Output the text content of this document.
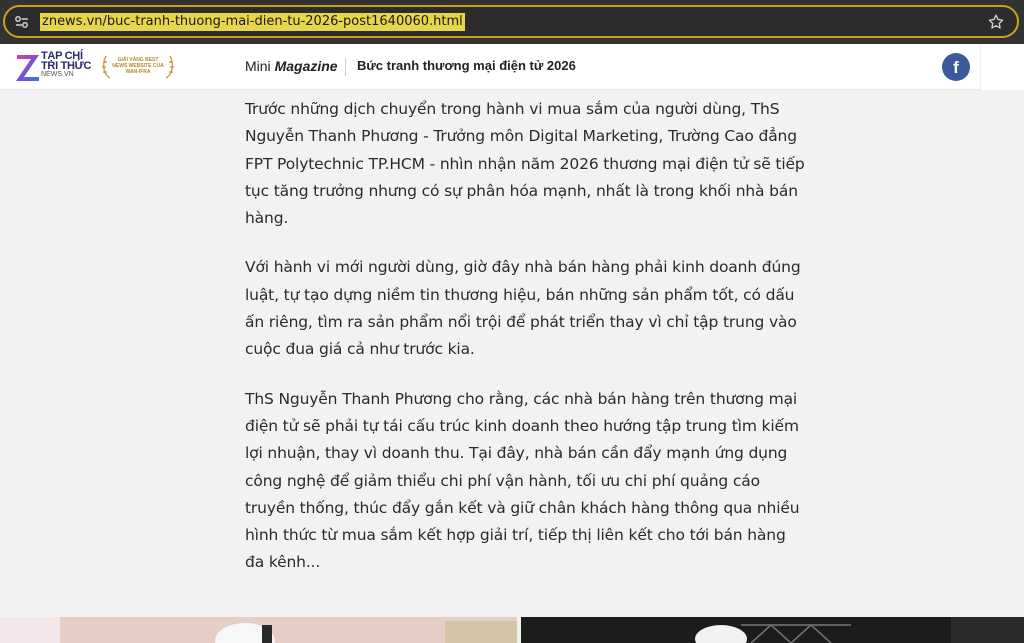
znews.vn/buc-tranh-thuong-mai-dien-tu-2026-post1640060.html
TẠP CHÍ
TRI THỨC
NEWS.VN
GIẢI VÀNG BEST NEWS WEBSITE CỦA WAN-IFRA	Mini Magazine Bức tranh thương mại điện tử 2026	f

Trước những dịch chuyển trong hành vi mua sắm của người dùng, ThS Nguyễn Thanh Phương - Trưởng môn Digital Marketing, Trường Cao đẳng FPT Polytechnic TP.HCM - nhìn nhận năm 2026 thương mại điện tử sẽ tiếp tục tăng trưởng nhưng có sự phân hóa mạnh, nhất là trong khối nhà bán hàng.

Với hành vi mới người dùng, giờ đây nhà bán hàng phải kinh doanh đúng luật, tự tạo dựng niềm tin thương hiệu, bán những sản phẩm tốt, có dấu ấn riêng, tìm ra sản phẩm nổi trội để phát triển thay vì chỉ tập trung vào cuộc đua giá cả như trước kia.

ThS Nguyễn Thanh Phương cho rằng, các nhà bán hàng trên thương mại điện tử sẽ phải tự tái cấu trúc kinh doanh theo hướng tập trung tìm kiếm lợi nhuận, thay vì doanh thu. Tại đây, nhà bán cần đẩy mạnh ứng dụng công nghệ để giảm thiểu chi phí vận hành, tối ưu chi phí quảng cáo truyền thống, thúc đẩy gắn kết và giữ chân khách hàng thông qua nhiều hình thức từ mua sắm kết hợp giải trí, tiếp thị liên kết cho tới bán hàng đa kênh...
